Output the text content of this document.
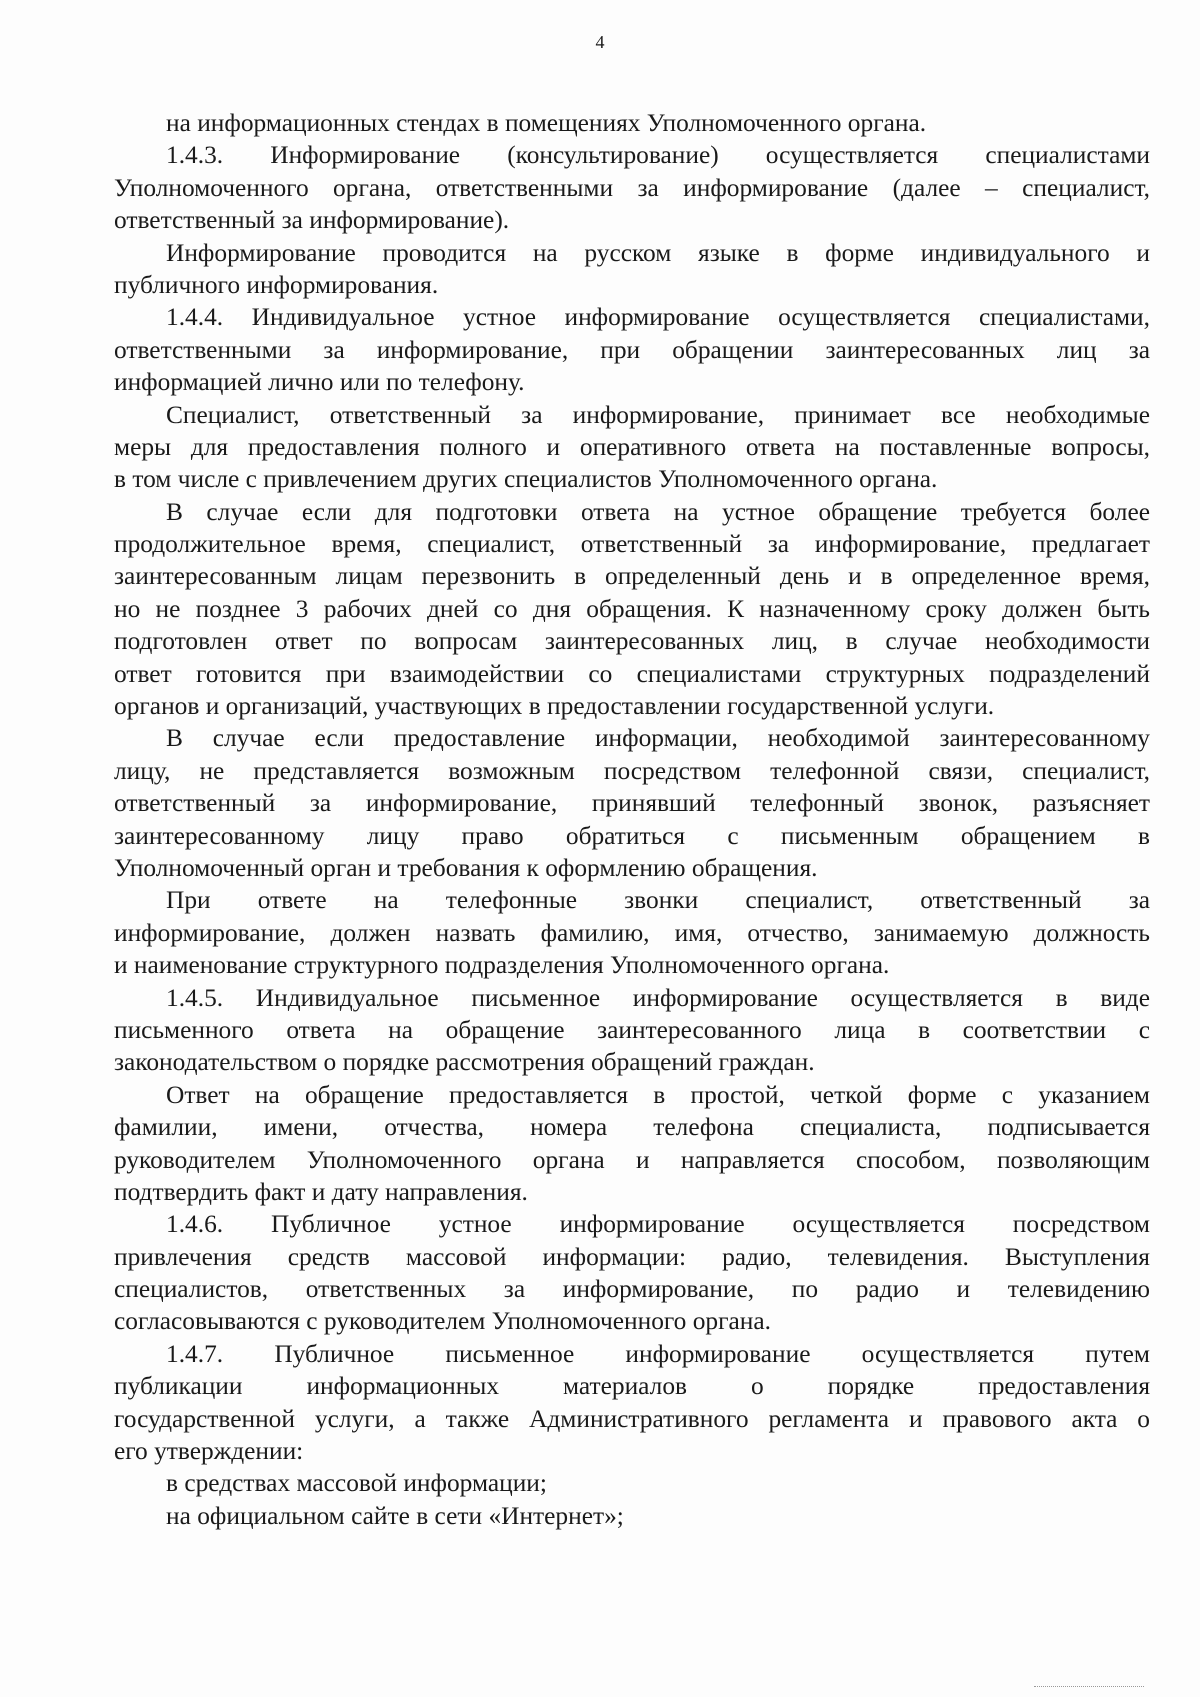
4
на информационных стендах в помещениях Уполномоченного органа.
1.4.3. Информирование (консультирование) осуществляется специалистами
Уполномоченного органа, ответственными за информирование (далее – специалист,
ответственный за информирование).
Информирование проводится на русском языке в форме индивидуального и
публичного информирования.
1.4.4. Индивидуальное устное информирование осуществляется специалистами,
ответственными за информирование, при обращении заинтересованных лиц за
информацией лично или по телефону.
Специалист, ответственный за информирование, принимает все необходимые
меры для предоставления полного и оперативного ответа на поставленные вопросы,
в том числе с привлечением других специалистов Уполномоченного органа.
В случае если для подготовки ответа на устное обращение требуется более
продолжительное время, специалист, ответственный за информирование, предлагает
заинтересованным лицам перезвонить в определенный день и в определенное время,
но не позднее 3 рабочих дней со дня обращения. К назначенному сроку должен быть
подготовлен ответ по вопросам заинтересованных лиц, в случае необходимости
ответ готовится при взаимодействии со специалистами структурных подразделений
органов и организаций, участвующих в предоставлении государственной услуги.
В случае если предоставление информации, необходимой заинтересованному
лицу, не представляется возможным посредством телефонной связи, специалист,
ответственный за информирование, принявший телефонный звонок, разъясняет
заинтересованному лицу право обратиться с письменным обращением в
Уполномоченный орган и требования к оформлению обращения.
При ответе на телефонные звонки специалист, ответственный за
информирование, должен назвать фамилию, имя, отчество, занимаемую должность
и наименование структурного подразделения Уполномоченного органа.
1.4.5. Индивидуальное письменное информирование осуществляется в виде
письменного ответа на обращение заинтересованного лица в соответствии с
законодательством о порядке рассмотрения обращений граждан.
Ответ на обращение предоставляется в простой, четкой форме с указанием
фамилии, имени, отчества, номера телефона специалиста, подписывается
руководителем Уполномоченного органа и направляется способом, позволяющим
подтвердить факт и дату направления.
1.4.6. Публичное устное информирование осуществляется посредством
привлечения средств массовой информации: радио, телевидения. Выступления
специалистов, ответственных за информирование, по радио и телевидению
согласовываются с руководителем Уполномоченного органа.
1.4.7. Публичное письменное информирование осуществляется путем
публикации информационных материалов о порядке предоставления
государственной услуги, а также Административного регламента и правового акта о
его утверждении:
в средствах массовой информации;
на официальном сайте в сети «Интернет»;
